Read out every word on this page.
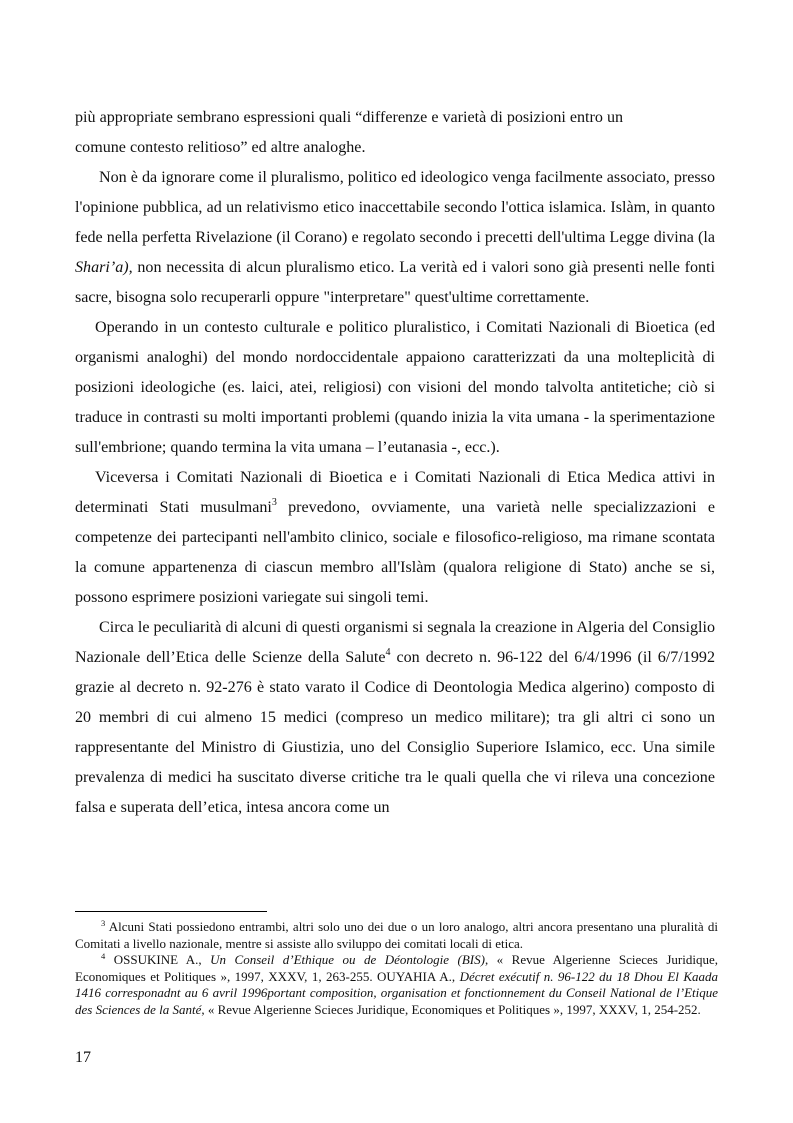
più appropriate sembrano espressioni quali “differenze e varietà di posizioni entro un
comune contesto relitioso” ed altre analoghe.

Non è da ignorare come il pluralismo, politico ed ideologico venga facilmente associato, presso l'opinione pubblica, ad un relativismo etico inaccettabile secondo l'ottica islamica. Islàm, in quanto fede nella perfetta Rivelazione (il Corano) e regolato secondo i precetti dell'ultima Legge divina (la Shari’a), non necessita di alcun pluralismo etico. La verità ed i valori sono già presenti nelle fonti sacre, bisogna solo recuperarli oppure "interpretare" quest'ultime correttamente.

Operando in un contesto culturale e politico pluralistico, i Comitati Nazionali di Bioetica (ed organismi analoghi) del mondo nordoccidentale appaiono caratterizzati da una molteplicità di posizioni ideologiche (es. laici, atei, religiosi) con visioni del mondo talvolta antitetiche; ciò si traduce in contrasti su molti importanti problemi (quando inizia la vita umana - la sperimentazione sull'embrione; quando termina la vita umana – l’eutanasia -, ecc.).

Viceversa i Comitati Nazionali di Bioetica e i Comitati Nazionali di Etica Medica attivi in determinati Stati musulmani$^3$ prevedono, ovviamente, una varietà nelle specializzazioni e competenze dei partecipanti nell'ambito clinico, sociale e filosofico-religioso, ma rimane scontata la comune appartenenza di ciascun membro all'Islàm (qualora religione di Stato) anche se si, possono esprimere posizioni variegate sui singoli temi.

Circa le peculiarità di alcuni di questi organismi si segnala la creazione in Algeria del Consiglio Nazionale dell’Etica delle Scienze della Salute$^4$ con decreto n. 96-122 del 6/4/1996 (il 6/7/1992 grazie al decreto n. 92-276 è stato varato il Codice di Deontologia Medica algerino) composto di 20 membri di cui almeno 15 medici (compreso un medico militare); tra gli altri ci sono un rappresentante del Ministro di Giustizia, uno del Consiglio Superiore Islamico, ecc. Una simile prevalenza di medici ha suscitato diverse critiche tra le quali quella che vi rileva una concezione falsa e superata dell’etica, intesa ancora come un

$^3$ Alcuni Stati possiedono entrambi, altri solo uno dei due o un loro analogo, altri ancora presentano una pluralità di Comitati a livello nazionale, mentre si assiste allo sviluppo dei comitati locali di etica.

$^4$ OSSUKINE A., Un Conseil d’Ethique ou de Déontologie (BIS), « Revue Algerienne Scieces Juridique, Economiques et Politiques », 1997, XXXV, 1, 263-255. OUYAHIA A., Décret exécutif n. 96-122 du 18 Dhou El Kaada 1416 corresponadnt au 6 avril 1996portant composition, organisation et fonctionnement du Conseil National de l’Etique des Sciences de la Santé, « Revue Algerienne Scieces Juridique, Economiques et Politiques », 1997, XXXV, 1, 254-252.

17
